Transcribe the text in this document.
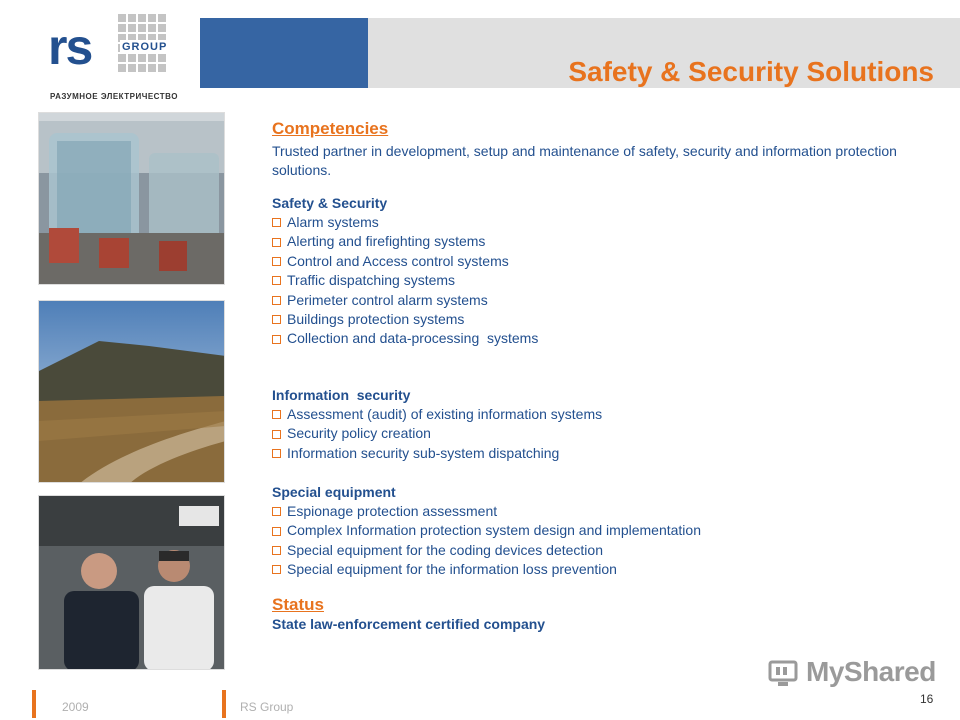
rs	GROUP
РАЗУМНОЕ ЭЛЕКТРИЧЕСТВО
Safety & Security Solutions
Competencies
Trusted partner in development, setup and maintenance of safety, security and information protection solutions.
Safety & Security
Alarm systems
Alerting and firefighting systems
Control and Access control systems
Traffic dispatching systems
Perimeter control alarm systems
Buildings protection systems
Collection and data-processing  systems
Information  security
Assessment (audit) of existing information systems
Security policy creation
Information security sub-system dispatching
Special equipment
Espionage protection assessment
Complex Information protection system design and implementation
Special equipment for the coding devices detection
Special equipment for the information loss prevention
Status
State law-enforcement certified company
MyShared
2009	RS Group
16
